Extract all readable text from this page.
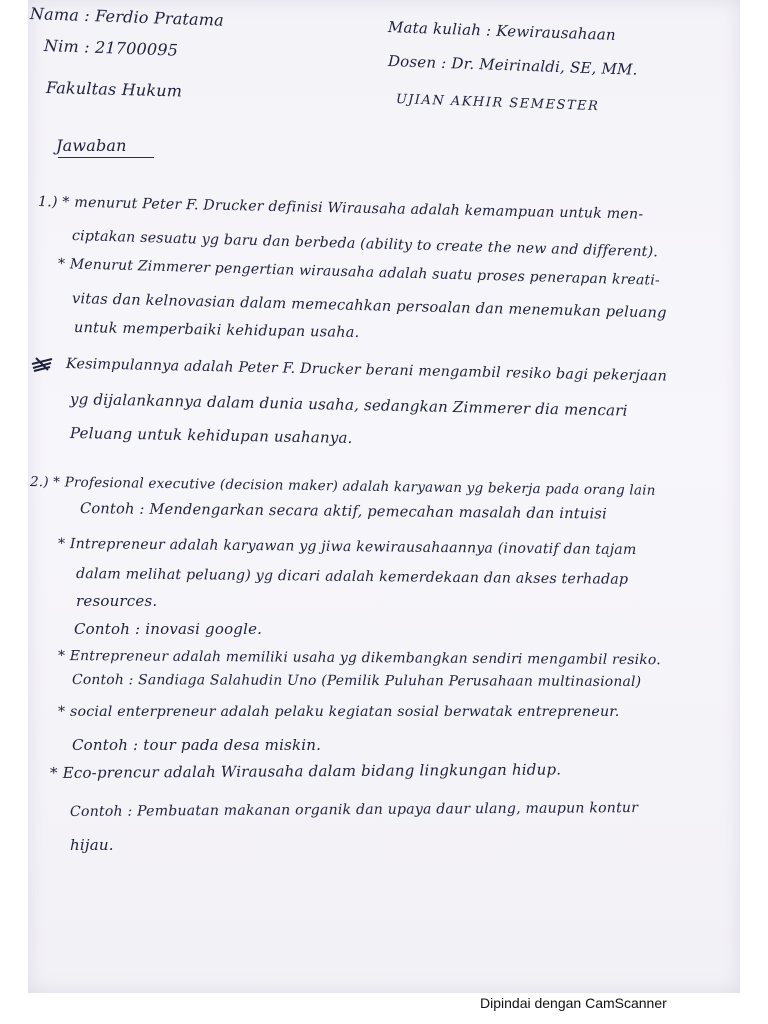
Nama : Ferdio Pratama
Nim : 21700095
Fakultas Hukum
Mata kuliah : Kewirausahaan
Dosen : Dr. Mеirinaldi, SE, MM.
UJIAN AKHIR SEMESTER
Jawaban
1.) * menurut Peter F. Drucker definisi Wirausaha adalah kemampuan untuk men-
ciptakan sesuatu yg baru dan berbeda (ability to create the new and different).
* Menurut Zimmerer pengertian wirausaha adalah suatu proses penerapan kreati-
vitas dan kelnovasian dalam memecahkan persoalan dan menemukan peluang
untuk memperbaiki kehidupan usaha.
Kesimpulannya adalah Peter F. Drucker berani mengambil resiko bagi pekerjaan
yg dijalankannya dalam dunia usaha, sedangkan Zimmerer dia mencari
Peluang untuk kehidupan usahanya.
2.) * Profesional executive (decision maker) adalah karyawan yg bekerja pada orang lain
Contoh : Mendengarkan secara aktif, pemecahan masalah dan intuisi
* Intrepreneur adalah karyawan yg jiwa kewirausahaannya (inovatif dan tajam
dalam melihat peluang) yg dicari adalah kemerdekaan dan akses terhadap
resources.
Contoh : inovasi google.
* Entrepreneur adalah memiliki usaha yg dikembangkan sendiri mengambil resiko.
Contoh : Sandiaga Salahudin Uno (Pemilik Puluhan Perusahaan multinasional)
* social enterpreneur adalah pelaku kegiatan sosial berwatak entrepreneur.
Contoh : tour pada desa miskin.
* Eco-prencur adalah Wirausaha dalam bidang lingkungan hidup.
Contoh : Pembuatan makanan organik dan upaya daur ulang, maupun kontur
hijau.
Dipindai dengan CamScanner
